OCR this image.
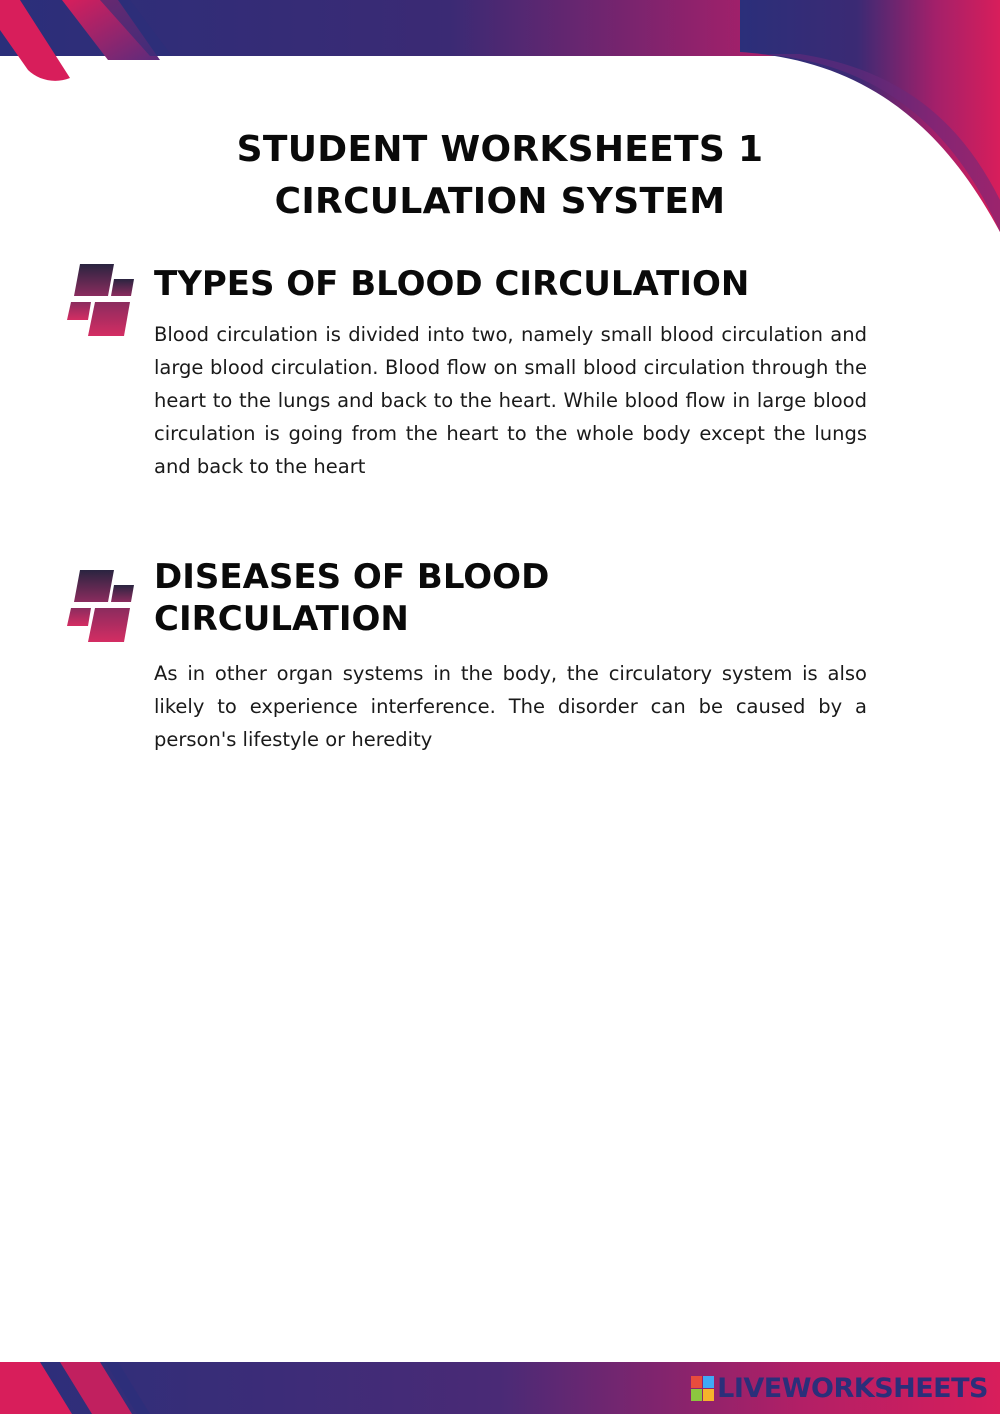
STUDENT WORKSHEETS 1
CIRCULATION SYSTEM
TYPES OF BLOOD CIRCULATION

Blood circulation is divided into two, namely small blood circulation and large blood circulation. Blood flow on small blood circulation through the heart to the lungs and back to the heart. While blood flow in large blood circulation is going from the heart to the whole body except the lungs and back to the heart

DISEASES OF BLOOD
CIRCULATION

As in other organ systems in the body, the circulatory system is also likely to experience interference. The disorder can be caused by a person's lifestyle or heredity

LIVEWORKSHEETS
